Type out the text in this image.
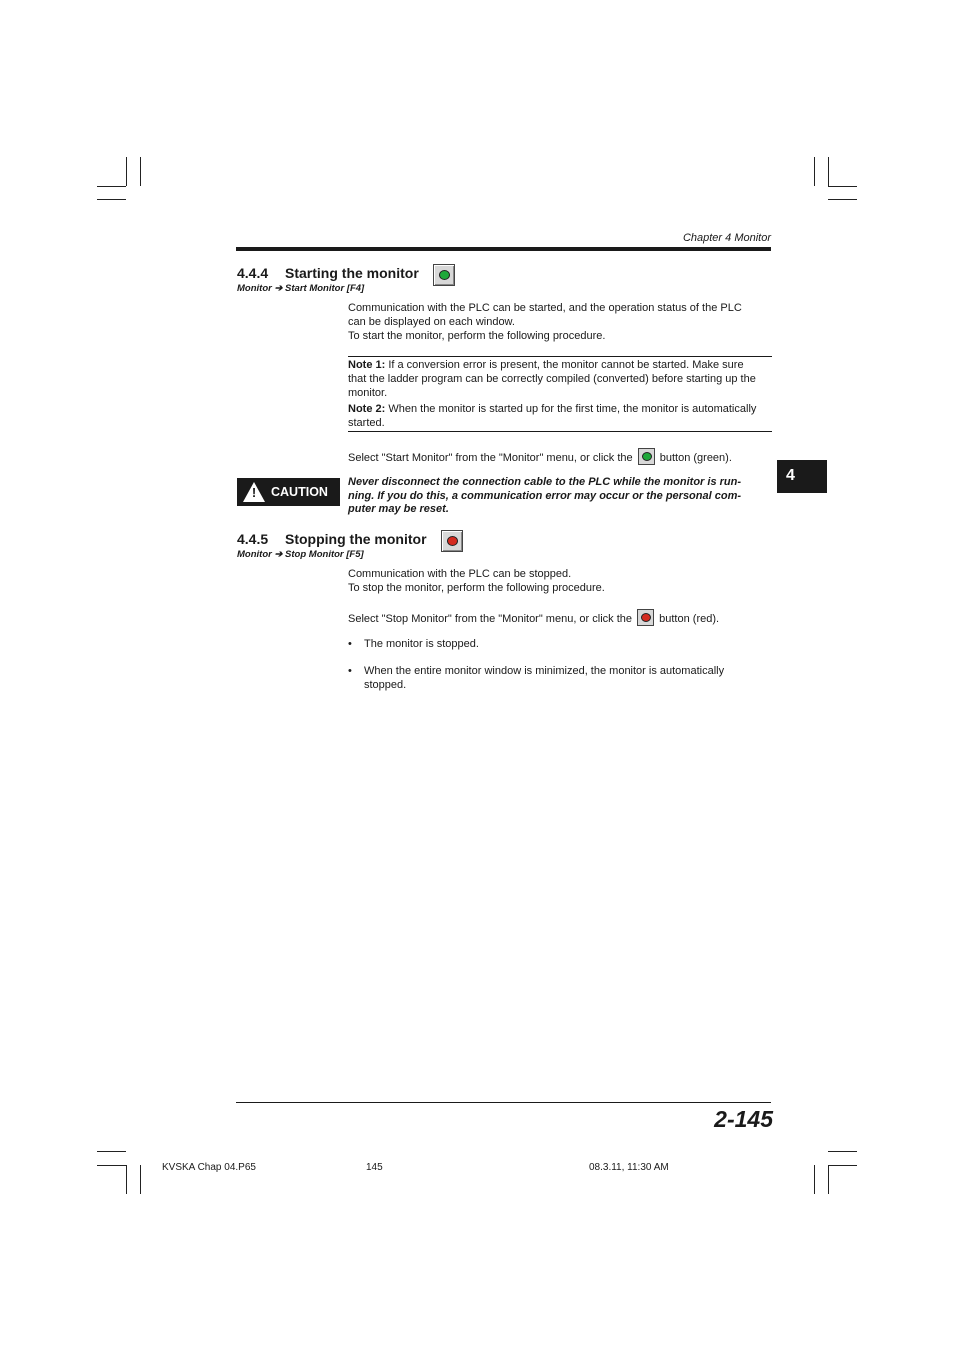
Chapter 4 Monitor
4.4.4 Starting the monitor
Monitor ➔ Start Monitor [F4]
Communication with the PLC can be started, and the operation status of the PLC
can be displayed on each window.
To start the monitor, perform the following procedure.
Note 1: If a conversion error is present, the monitor cannot be started. Make sure
that the ladder program can be correctly compiled (converted) before starting up the
monitor.
Note 2: When the monitor is started up for the first time, the monitor is automatically
started.
Select "Start Monitor" from the "Monitor" menu, or click the button (green).
! CAUTION
Never disconnect the connection cable to the PLC while the monitor is run-
ning. If you do this, a communication error may occur or the personal com-
puter may be reset.
4.4.5 Stopping the monitor
Monitor ➔ Stop Monitor [F5]
Communication with the PLC can be stopped.
To stop the monitor, perform the following procedure.
Select "Stop Monitor" from the "Monitor" menu, or click the button (red).
• The monitor is stopped.
• When the entire monitor window is minimized, the monitor is automatically
stopped.
4
2-145
KVSKA Chap 04.P65	145	08.3.11, 11:30 AM
